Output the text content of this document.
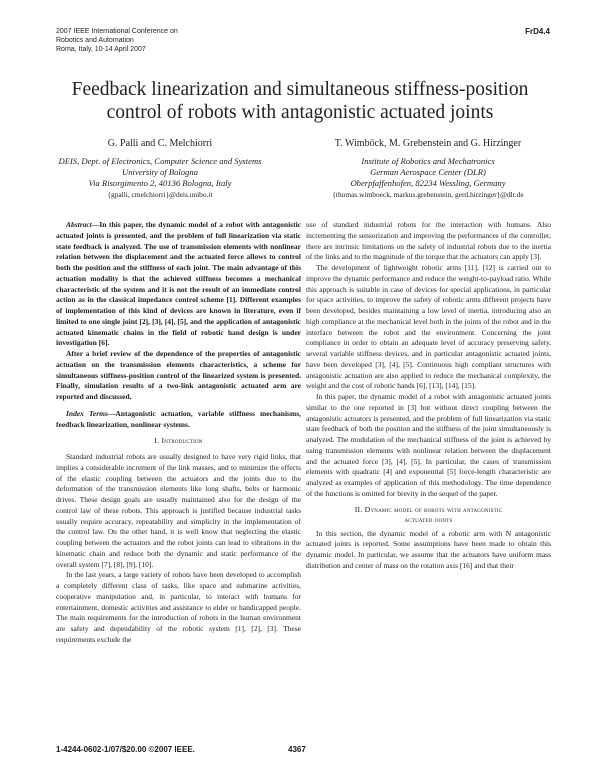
2007 IEEE International Conference on
Robotics and Automation
Roma, Italy, 10-14 April 2007
FrD4.4
Feedback linearization and simultaneous stiffness-position
control of robots with antagonistic actuated joints
G. Palli and C. Melchiorri
DEIS, Dept. of Electronics, Computer Science and Systems
University of Bologna
Via Risorgimento 2, 40136 Bologna, Italy
{gpalli, cmelchiorri}@deis.unibo.it
T. Wimböck, M. Grebenstein and G. Hirzinger
Institute of Robotics and Mechatronics
German Aerospace Center (DLR)
Oberpfaffenhofen, 82234 Wessling, Germany
{thomas.wimboeck, markus.grebenstein, gerd.hirzinger}@dlr.de

Abstract—In this paper, the dynamic model of a robot with antagonistic actuated joints is presented, and the problem of full linearization via static state feedback is analyzed. The use of transmission elements with nonlinear relation between the displacement and the actuated force allows to control both the position and the stiffness of each joint. The main advantage of this actuation modality is that the achieved stiffness becomes a mechanical characteristic of the system and it is not the result of an immediate control action as in the classical impedance control scheme [1]. Different examples of implementation of this kind of devices are known in literature, even if limited to one single joint [2], [3], [4], [5], and the application of antagonistic actuated kinematic chains in the field of robotic hand design is under investigation [6].

After a brief review of the dependence of the properties of antagonistic actuation on the transmission elements characteristics, a scheme for simultaneous stiffness-position control of the linearized system is presented. Finally, simulation results of a two-link antagonistic actuated arm are reported and discussed.

Index Terms—Antagonistic actuation, variable stiffness mechanisms, feedback linearization, nonlinear systems.

I. Introduction

Standard industrial robots are usually designed to have very rigid links, that implies a considerable increment of the link masses, and to minimize the effects of the elastic coupling between the actuators and the joints due to the deformation of the transmission elements like long shafts, belts or harmonic drives. These design goals are usually maintained also for the design of the control law of these robots. This approach is justified because industrial tasks usually require accuracy, repeatability and simplicity in the implementation of the control law. On the other hand, it is well know that neglecting the elastic coupling between the actuators and the robot joints can lead to vibrations in the kinematic chain and reduce both the dynamic and static performance of the overall system [7], [8], [9], [10].

In the last years, a large variety of robots have been developed to accomplish a completely different class of tasks, like space and submarine activities, cooperative manipulation and, in particular, to interact with humans for entertainment, domestic activities and assistance to elder or handicapped people. The main requirements for the introduction of robots in the human environment are safety and dependability of the robotic system [1], [2], [3]. These requirements exclude the

use of standard industrial robots for the interaction with humans. Also incrementing the sensorization and improving the performances of the controller, there are intrinsic limitations on the safety of industrial robots due to the inertia of the links and to the magnitude of the torque that the actuators can apply [3].

The development of lightweight robotic arms [11], [12] is carried out to improve the dynamic performance and reduce the weight-to-payload ratio. While this approach is suitable in case of devices for special applications, in particular for space activities, to improve the safety of robotic arms different projects have been developed, besides maintaining a low level of inertia, introducing also an high compliance at the mechanical level both in the joints of the robot and in the interface between the robot and the environment. Concerning the joint compliance in order to obtain an adequate level of accuracy preserving safety, several variable stiffness devices, and in particular antagonistic actuated joints, have been developed [3], [4], [5]. Continuous high compliant structures with antagonistic actuation are also applied to reduce the mechanical complexity, the weight and the cost of robotic hands [6], [13], [14], [15].

In this paper, the dynamic model of a robot with antagonistic actuated joints similar to the one reported in [3] but without direct coupling between the antagonistic actuators is presented, and the problem of full linearization via static state feedback of both the position and the stiffness of the joint simultaneously is analyzed. The modulation of the mechanical stiffness of the joint is achieved by using transmission elements with nonlinear relation between the displacement and the actuated force [3], [4], [5]. In particular, the cases of transmission elements with quadratic [4] and exponential [5] force-length characteristic are analyzed as examples of application of this methodology. The time dependence of the functions is omitted for brevity in the sequel of the paper.

II. Dynamic model of robots with antagonistic
actuated joints

In this section, the dynamic model of a robotic arm with N antagonistic actuated joints is reported. Some assumptions have been made to obtain this dynamic model. In particular, we assume that the actuators have uniform mass distribution and center of mass on the rotation axis [16] and that their

1-4244-0602-1/07/$20.00 ©2007 IEEE.	4367
